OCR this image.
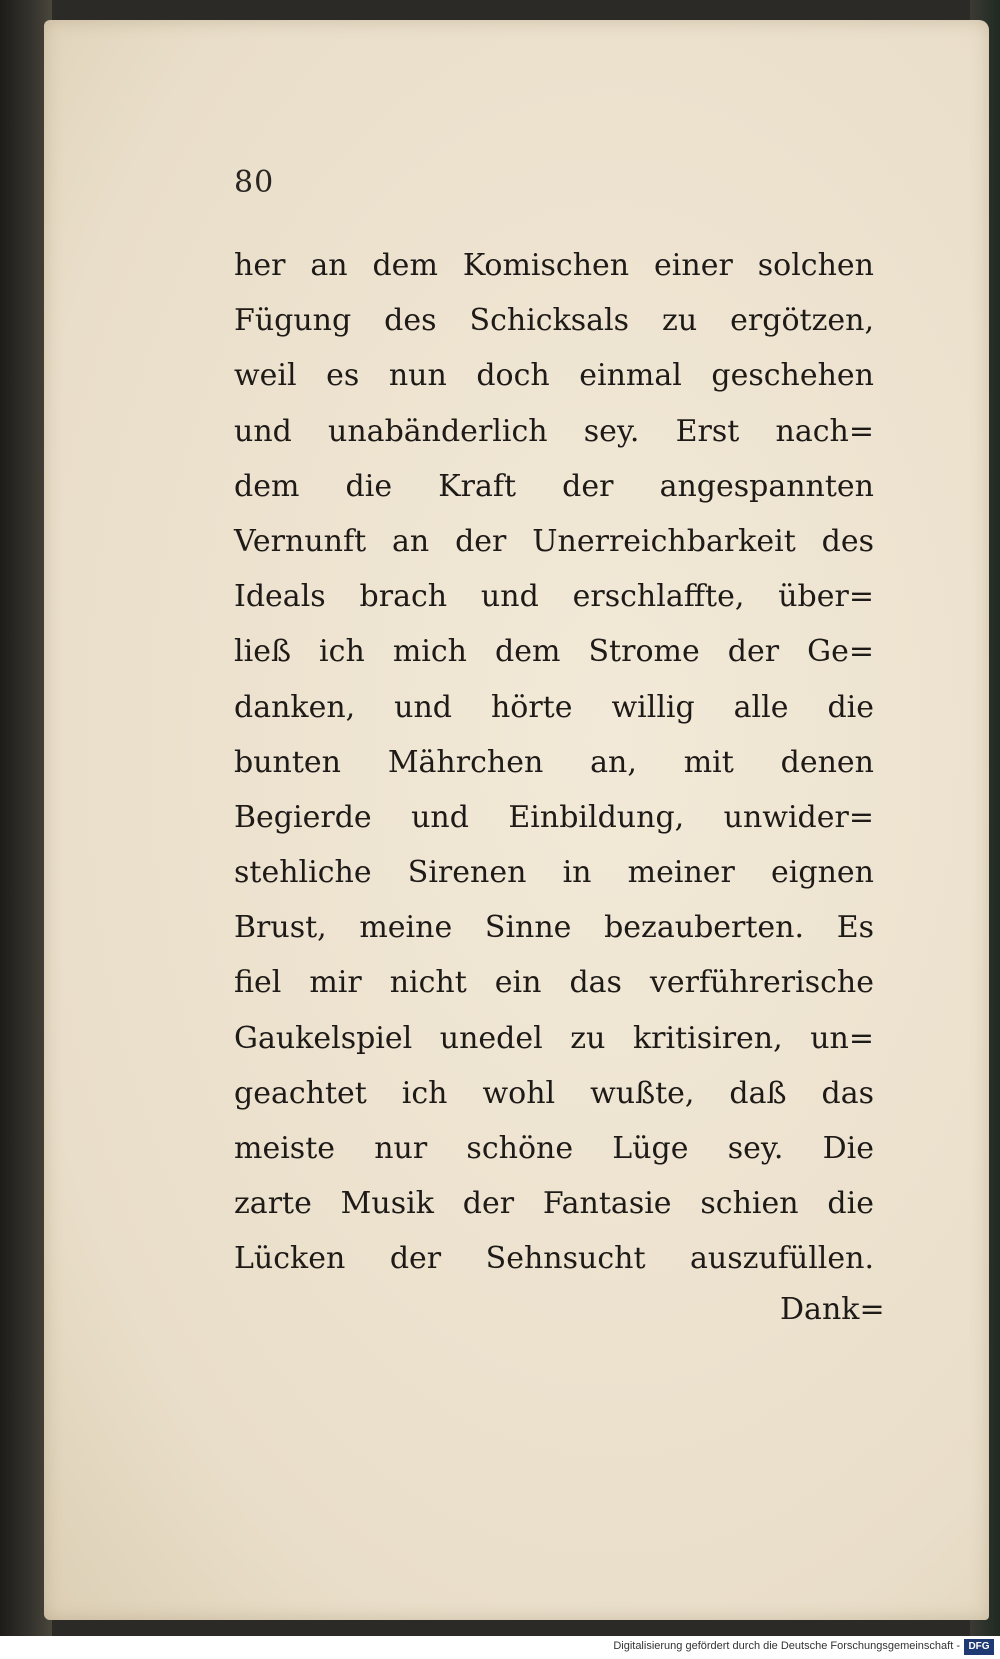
80
her an dem Komischen einer solchen
Fügung des Schicksals zu ergötzen,
weil es nun doch einmal geschehen
und unabänderlich sey. Erst nach=
dem die Kraft der angespannten
Vernunft an der Unerreichbarkeit des
Ideals brach und erschlaffte, über=
ließ ich mich dem Strome der Ge=
danken, und hörte willig alle die
bunten Mährchen an, mit denen
Begierde und Einbildung, unwider=
stehliche Sirenen in meiner eignen
Brust, meine Sinne bezauberten. Es
fiel mir nicht ein das verführerische
Gaukelspiel unedel zu kritisiren, un=
geachtet ich wohl wußte, daß das
meiste nur schöne Lüge sey. Die
zarte Musik der Fantasie schien die
Lücken der Sehnsucht auszufüllen.
Dank=
Digitalisierung gefördert durch die Deutsche Forschungsgemeinschaft - DFG
